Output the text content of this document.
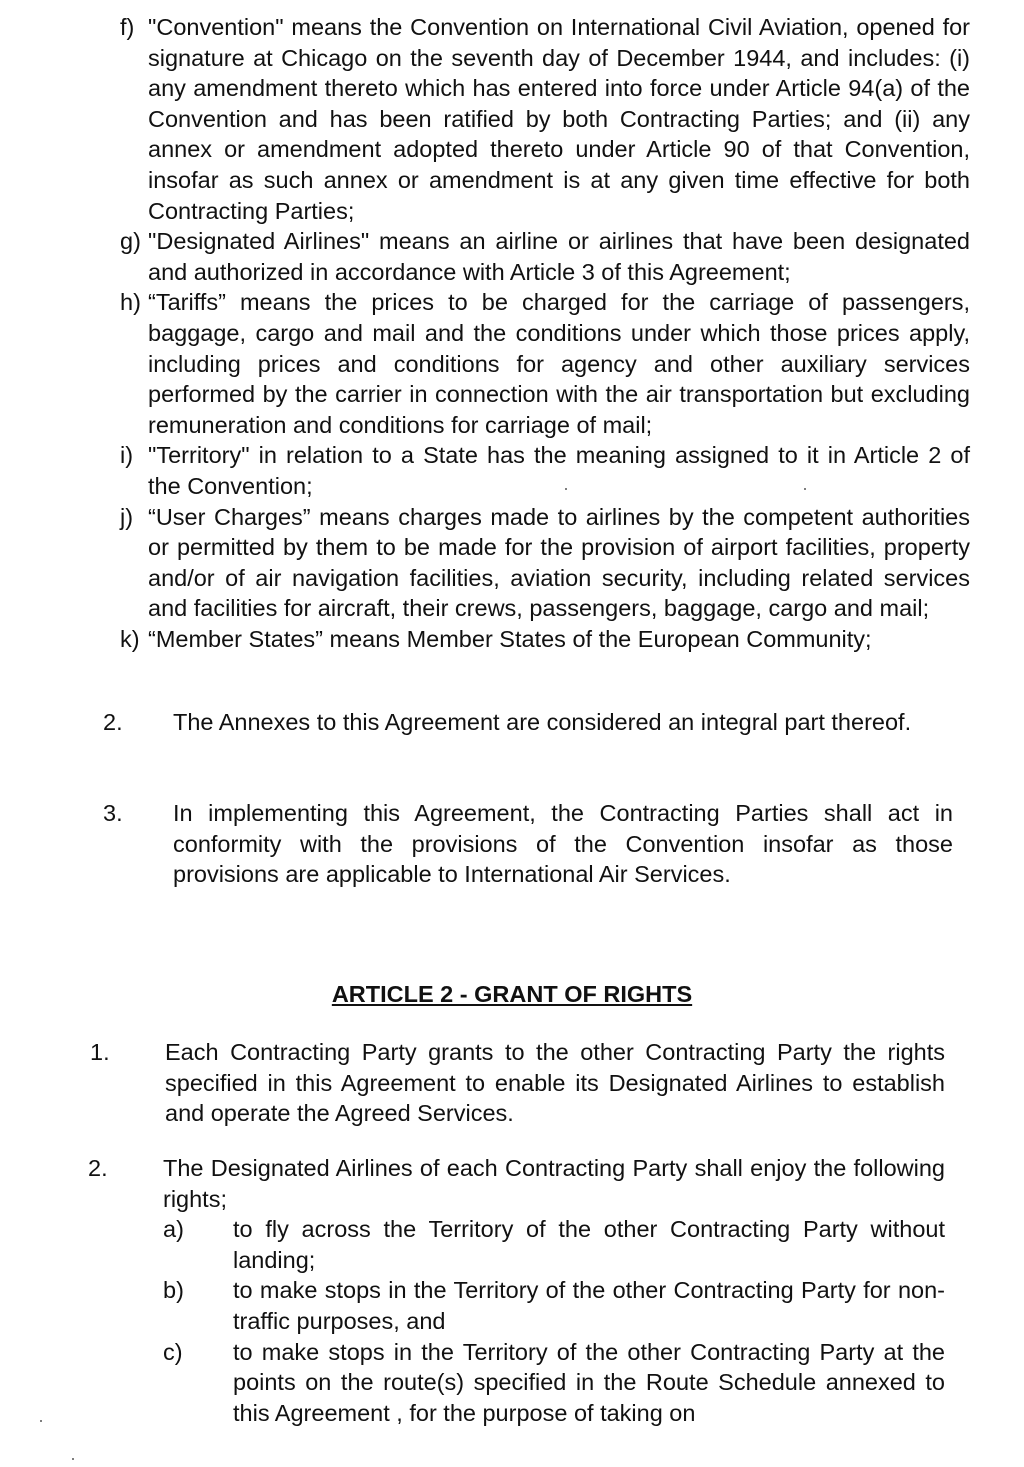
f) "Convention" means the Convention on International Civil Aviation, opened for signature at Chicago on the seventh day of December 1944, and includes: (i) any amendment thereto which has entered into force under Article 94(a) of the Convention and has been ratified by both Contracting Parties; and (ii) any annex or amendment adopted thereto under Article 90 of that Convention, insofar as such annex or amendment is at any given time effective for both Contracting Parties;
g) "Designated Airlines" means an airline or airlines that have been designated and authorized in accordance with Article 3 of this Agreement;
h) “Tariffs” means the prices to be charged for the carriage of passengers, baggage, cargo and mail and the conditions under which those prices apply, including prices and conditions for agency and other auxiliary services performed by the carrier in connection with the air transportation but excluding remuneration and conditions for carriage of mail;
i) "Territory" in relation to a State has the meaning assigned to it in Article 2 of the Convention;
j) “User Charges” means charges made to airlines by the competent authorities or permitted by them to be made for the provision of airport facilities, property and/or of air navigation facilities, aviation security, including related services and facilities for aircraft, their crews, passengers, baggage, cargo and mail;
k) “Member States” means Member States of the European Community;
2.	The Annexes to this Agreement are considered an integral part thereof.
3.	In implementing this Agreement, the Contracting Parties shall act in conformity with the provisions of the Convention insofar as those provisions are applicable to International Air Services.
ARTICLE 2 - GRANT OF RIGHTS
1.	Each Contracting Party grants to the other Contracting Party the rights specified in this Agreement to enable its Designated Airlines to establish and operate the Agreed Services.
2.	The Designated Airlines of each Contracting Party shall enjoy the following rights;
a)	to fly across the Territory of the other Contracting Party without landing;
b)	to make stops in the Territory of the other Contracting Party for non-traffic purposes, and
c)	to make stops in the Territory of the other Contracting Party at the points on the route(s) specified in the Route Schedule annexed to this Agreement , for the purpose of taking on
